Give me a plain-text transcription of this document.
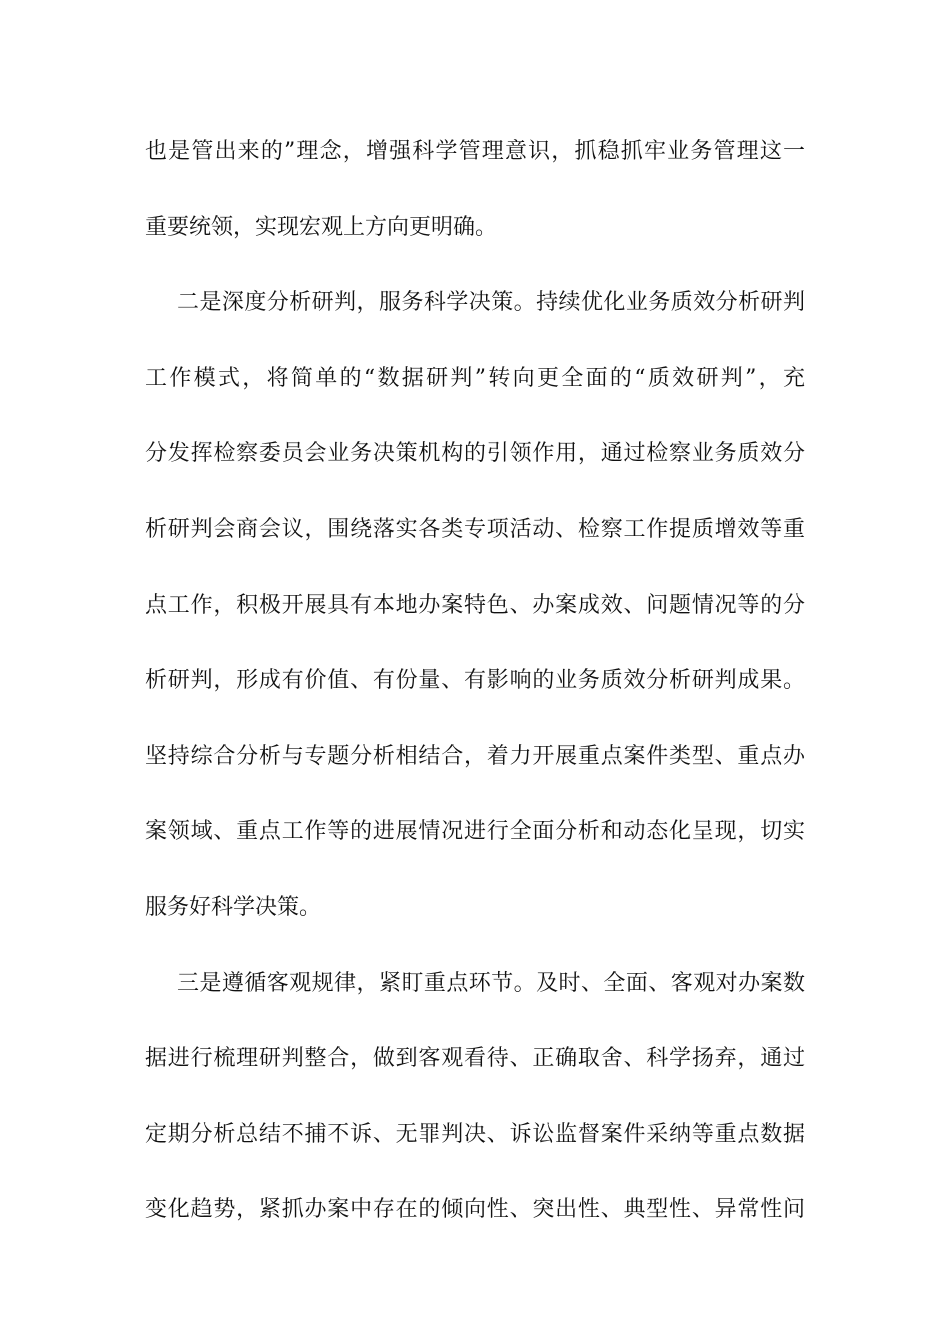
也是管出来的”理念，增强科学管理意识，抓稳抓牢业务管理这一
重要统领，实现宏观上方向更明确。
二是深度分析研判，服务科学决策。持续优化业务质效分析研判
工作模式，将简单的“数据研判”转向更全面的“质效研判”，充
分发挥检察委员会业务决策机构的引领作用，通过检察业务质效分
析研判会商会议，围绕落实各类专项活动、检察工作提质增效等重
点工作，积极开展具有本地办案特色、办案成效、问题情况等的分
析研判，形成有价值、有份量、有影响的业务质效分析研判成果。
坚持综合分析与专题分析相结合，着力开展重点案件类型、重点办
案领域、重点工作等的进展情况进行全面分析和动态化呈现，切实
服务好科学决策。
三是遵循客观规律，紧盯重点环节。及时、全面、客观对办案数
据进行梳理研判整合，做到客观看待、正确取舍、科学扬弃，通过
定期分析总结不捕不诉、无罪判决、诉讼监督案件采纳等重点数据
变化趋势，紧抓办案中存在的倾向性、突出性、典型性、异常性问
